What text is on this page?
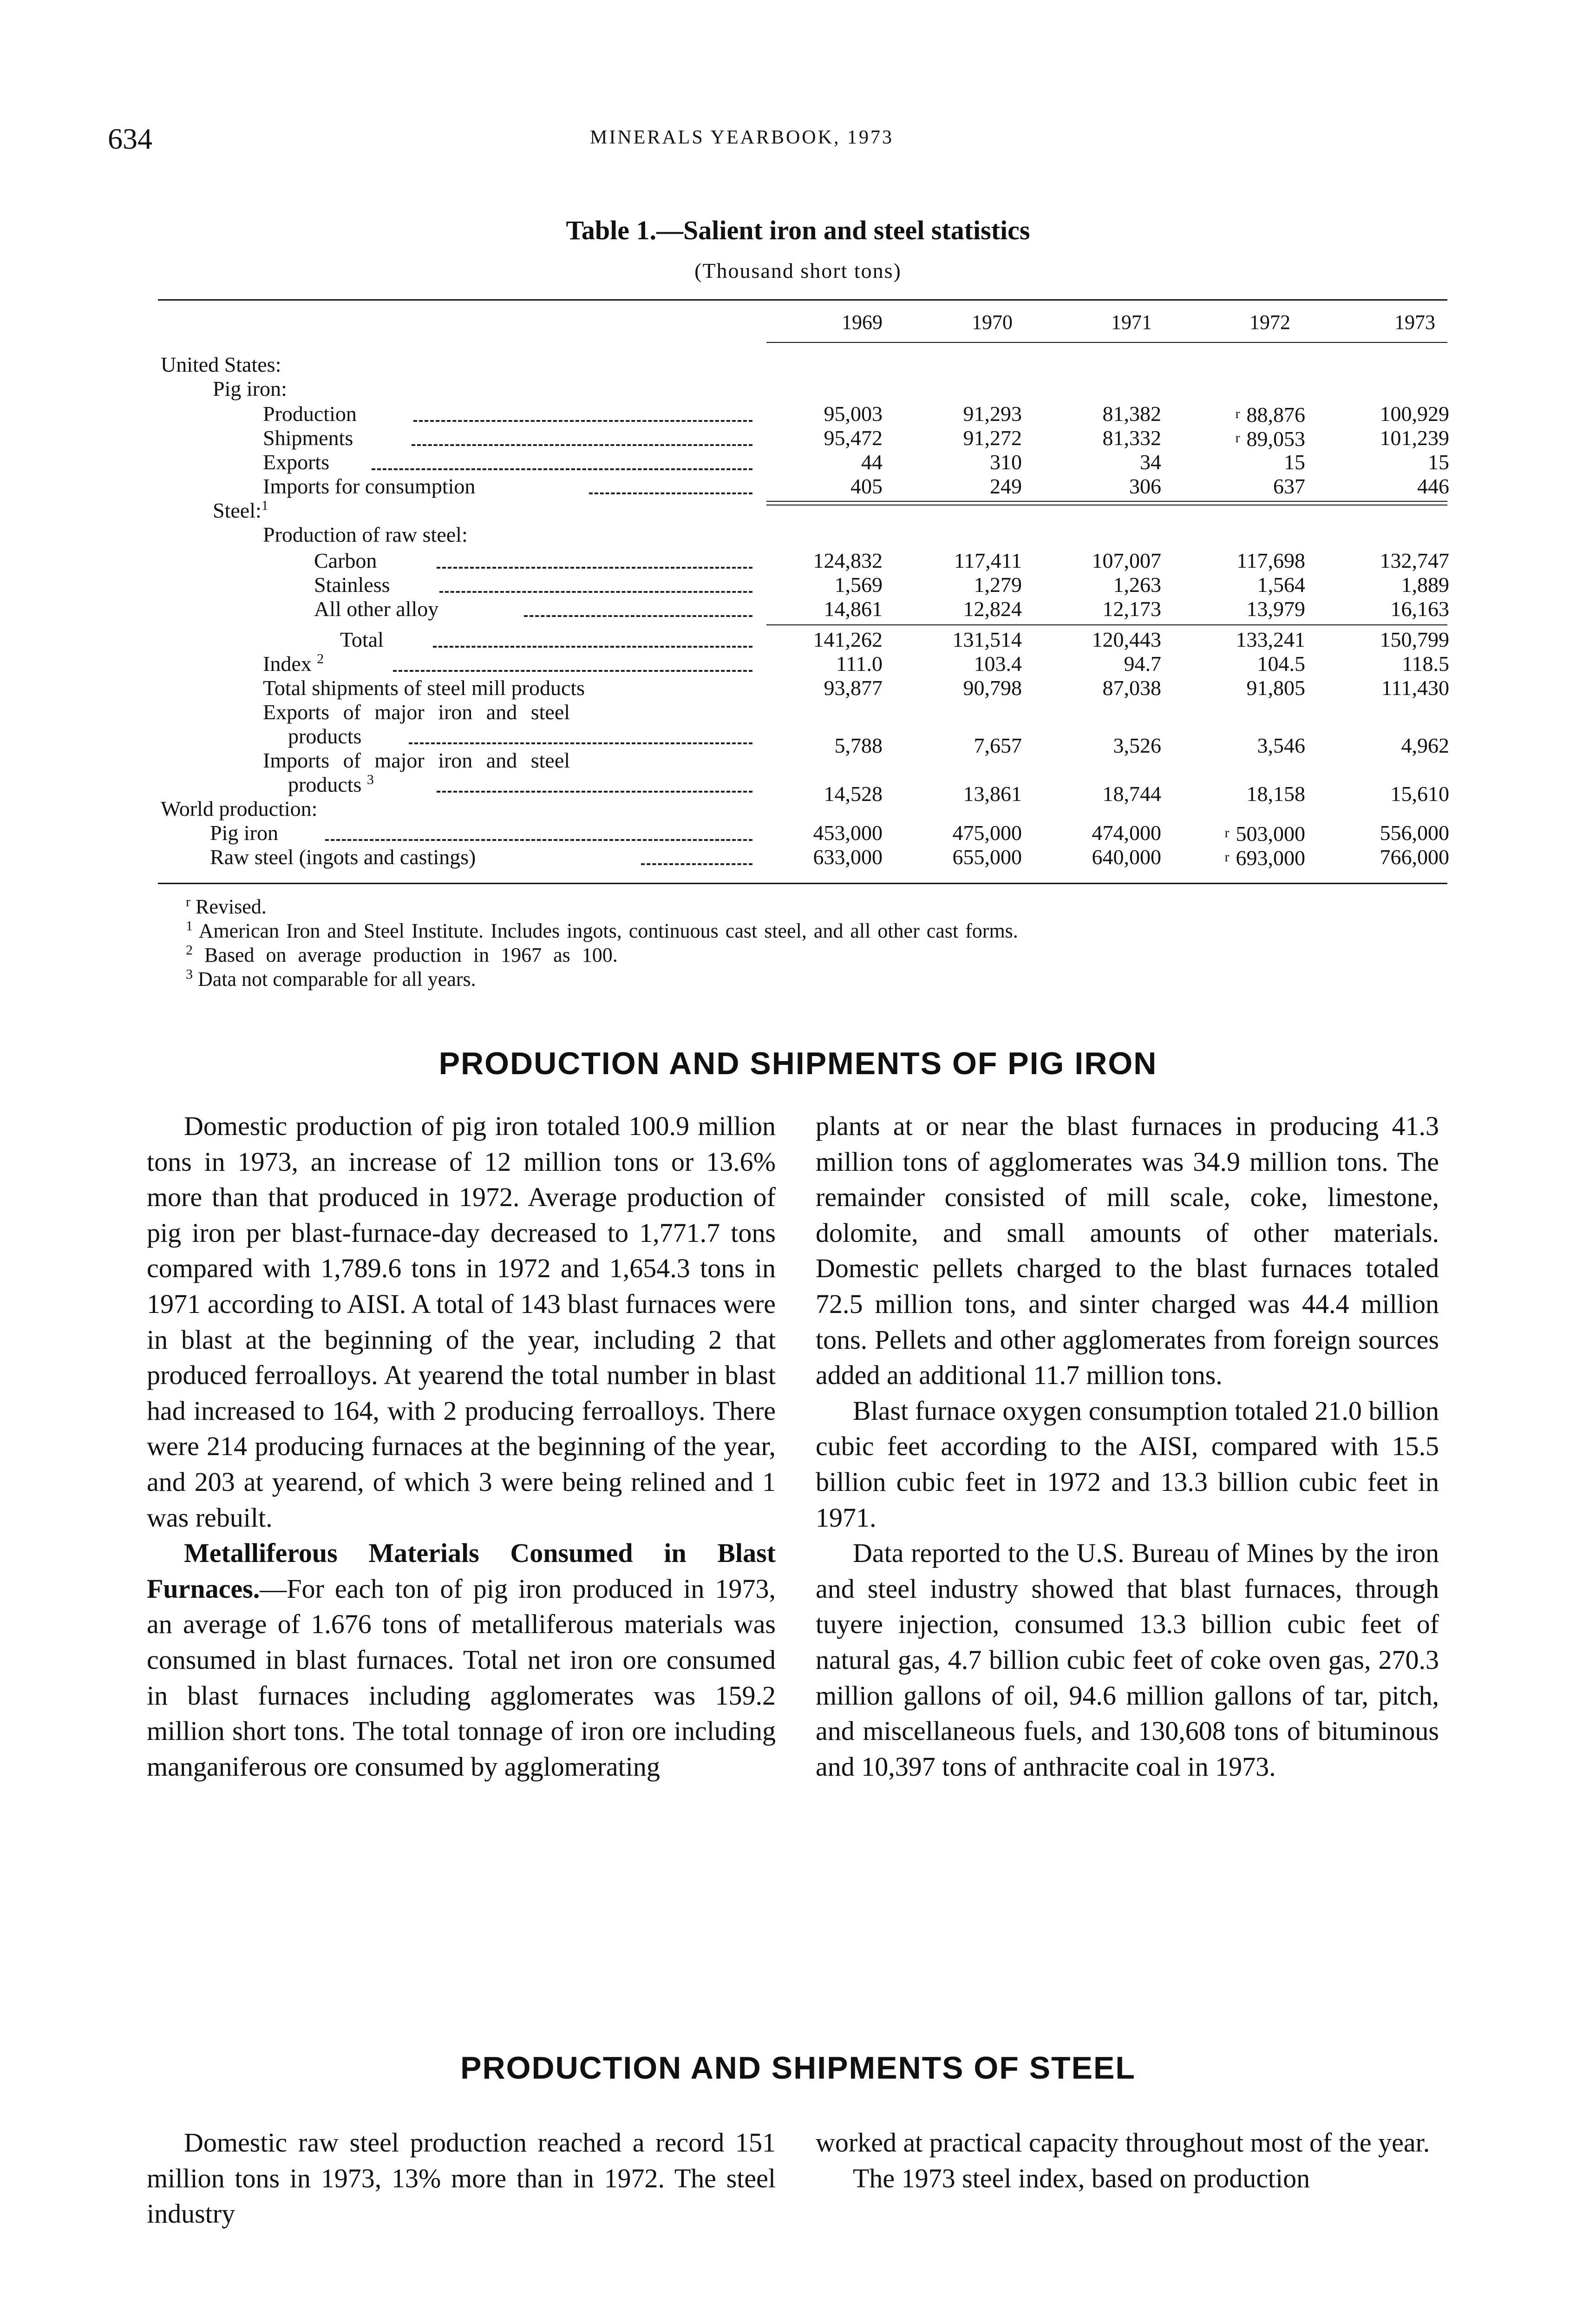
634	MINERALS YEARBOOK, 1973
Table 1.—Salient iron and steel statistics
(Thousand short tons)
1969	1970	1971	1972	1973
United States:
Pig iron:
Production	95,003	91,293	81,382	r 88,876	100,929
Shipments	95,472	91,272	81,332	r 89,053	101,239
Exports	44	310	34	15	15
Imports for consumption	405	249	306	637	446
Steel:$^1$
Production of raw steel:
Carbon	124,832	117,411	107,007	117,698	132,747
Stainless	1,569	1,279	1,263	1,564	1,889
All other alloy	14,861	12,824	12,173	13,979	16,163
Total	141,262	131,514	120,443	133,241	150,799
Index $^2$	111.0	103.4	94.7	104.5	118.5
Total shipments of steel mill products	93,877	90,798	87,038	91,805	111,430
Exports of major iron and steel
products	5,788	7,657	3,526	3,546	4,962
Imports of major iron and steel
products $^3$
14,528	13,861	18,744	18,158	15,610
World production:
Pig iron	453,000	475,000	474,000	r 503,000	556,000
Raw steel (ingots and castings)	633,000	655,000	640,000	r 693,000	766,000
$^r$ Revised.
$^1$ American Iron and Steel Institute. Includes ingots, continuous cast steel, and all other cast forms.
$^2$ Based on average production in 1967 as 100.
$^3$ Data not comparable for all years.
PRODUCTION AND SHIPMENTS OF PIG IRON

Domestic production of pig iron totaled 100.9 million tons in 1973, an increase of 12 million tons or 13.6% more than that produced in 1972. Average production of pig iron per blast-furnace-day decreased to 1,771.7 tons compared with 1,789.6 tons in 1972 and 1,654.3 tons in 1971 according to AISI. A total of 143 blast furnaces were in blast at the beginning of the year, including 2 that produced ferroalloys. At yearend the total number in blast had increased to 164, with 2 producing ferroalloys. There were 214 producing furnaces at the beginning of the year, and 203 at yearend, of which 3 were being relined and 1 was rebuilt.

Metalliferous Materials Consumed in Blast Furnaces.—For each ton of pig iron produced in 1973, an average of 1.676 tons of metalliferous materials was consumed in blast furnaces. Total net iron ore consumed in blast furnaces including agglomerates was 159.2 million short tons. The total tonnage of iron ore including manganiferous ore consumed by agglomerating

plants at or near the blast furnaces in producing 41.3 million tons of agglomerates was 34.9 million tons. The remainder consisted of mill scale, coke, limestone, dolomite, and small amounts of other materials. Domestic pellets charged to the blast furnaces totaled 72.5 million tons, and sinter charged was 44.4 million tons. Pellets and other agglomerates from foreign sources added an additional 11.7 million tons.

Blast furnace oxygen consumption totaled 21.0 billion cubic feet according to the AISI, compared with 15.5 billion cubic feet in 1972 and 13.3 billion cubic feet in 1971.

Data reported to the U.S. Bureau of Mines by the iron and steel industry showed that blast furnaces, through tuyere injection, consumed 13.3 billion cubic feet of natural gas, 4.7 billion cubic feet of coke oven gas, 270.3 million gallons of oil, 94.6 million gallons of tar, pitch, and miscellaneous fuels, and 130,608 tons of bituminous and 10,397 tons of anthracite coal in 1973.

PRODUCTION AND SHIPMENTS OF STEEL

Domestic raw steel production reached a record 151 million tons in 1973, 13% more than in 1972. The steel industry

worked at practical capacity throughout most of the year.

The 1973 steel index, based on production
